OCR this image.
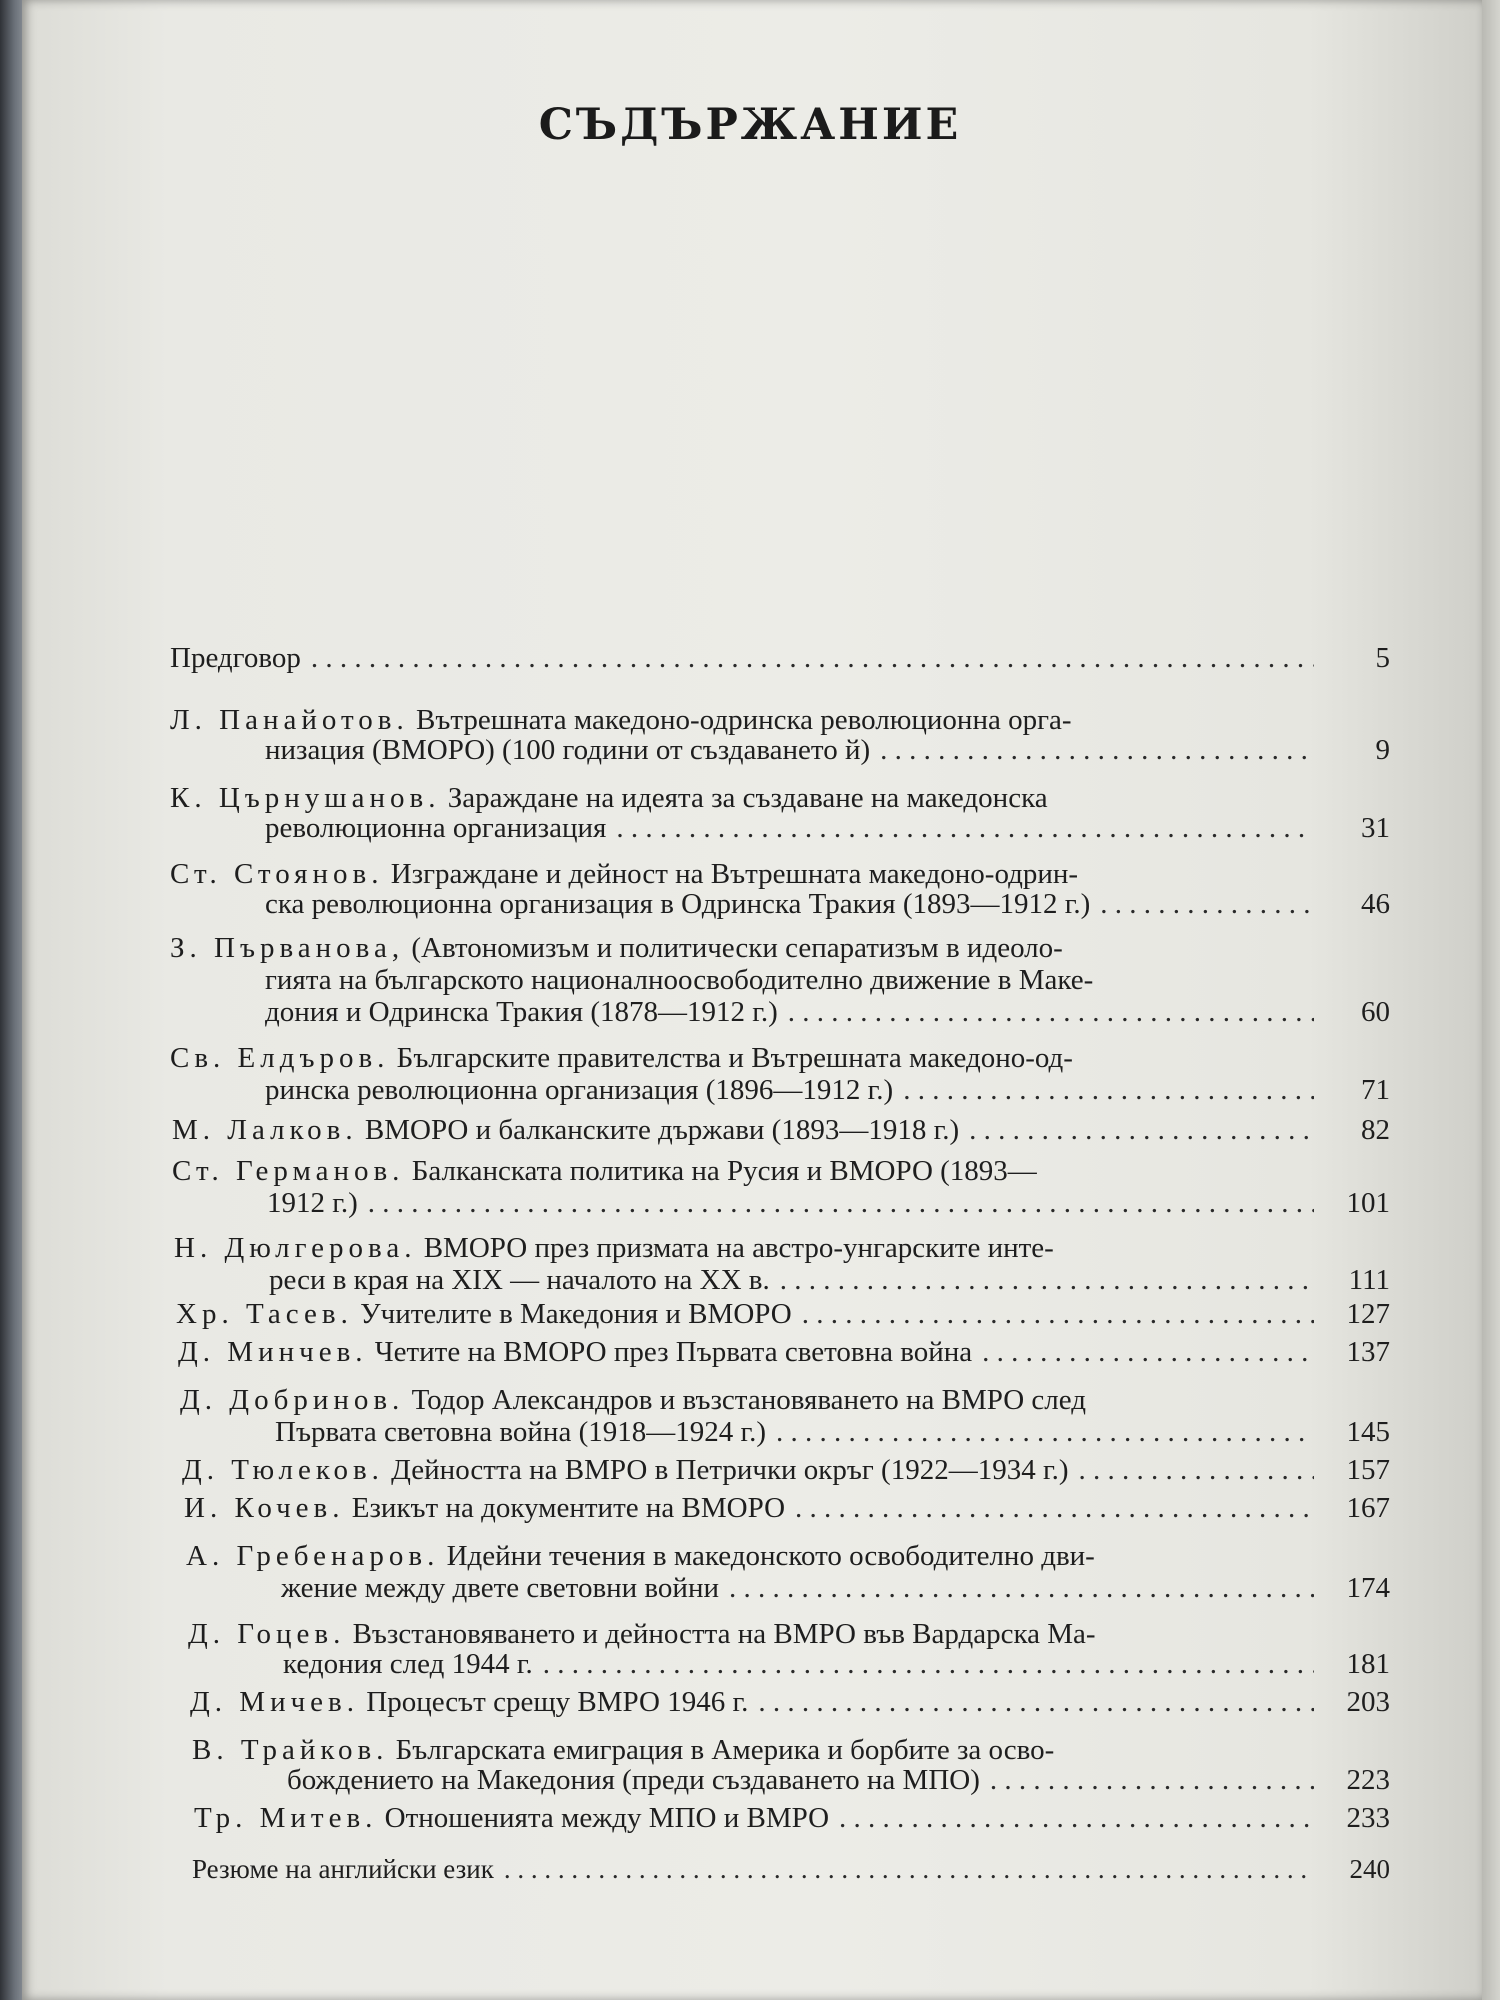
СЪДЪРЖАНИЕ
Предговор . . .	5
Л. Панайотов. Вътрешната македоно-одринска революционна орга-
низация (ВМОРО) (100 години от създаването й) . . .	9
К. Църнушанов. Зараждане на идеята за създаване на македонска
революционна организация . . .	31
Ст. Стоянов. Изграждане и дейност на Вътрешната македоно-одрин-
ска революционна организация в Одринска Тракия (1893—1912 г.) . . .	46
З. Първанова, (Автономизъм и политически сепаратизъм в идеоло-
гията на българското националноосвободително движение в Маке-
дония и Одринска Тракия (1878—1912 г.) . . .	60
Св. Елдъров. Българските правителства и Вътрешната македоно-од-
ринска революционна организация (1896—1912 г.) . . .	71
М. Лалков. ВМОРО и балканските държави (1893—1918 г.) . . .	82
Ст. Германов. Балканската политика на Русия и ВМОРО (1893—
1912 г.) . . .	101
Н. Дюлгерова. ВМОРО през призмата на австро-унгарските инте-
реси в края на XIX — началото на XX в. . . .	111
Хр. Тасев. Учителите в Македония и ВМОРО . . .	127
Д. Минчев. Четите на ВМОРО през Първата световна война . . .	137
Д. Добринов. Тодор Александров и възстановяването на ВМРО след
Първата световна война (1918—1924 г.) . . .	145
Д. Тюлеков. Дейността на ВМРО в Петрички окръг (1922—1934 г.) . . .	157
И. Кочев. Езикът на документите на ВМОРО . . .	167
А. Гребенаров. Идейни течения в македонското освободително дви-
жение между двете световни войни . . .	174
Д. Гоцев. Възстановяването и дейността на ВМРО във Вардарска Ма-
кедония след 1944 г. . . .	181
Д. Мичев. Процесът срещу ВМРО 1946 г. . . .	203
В. Трайков. Българската емиграция в Америка и борбите за осво-
бождението на Македония (преди създаването на МПО) . . .	223
Тр. Митев. Отношенията между МПО и ВМРО . . .	233
Резюме на английски език . . .	240
